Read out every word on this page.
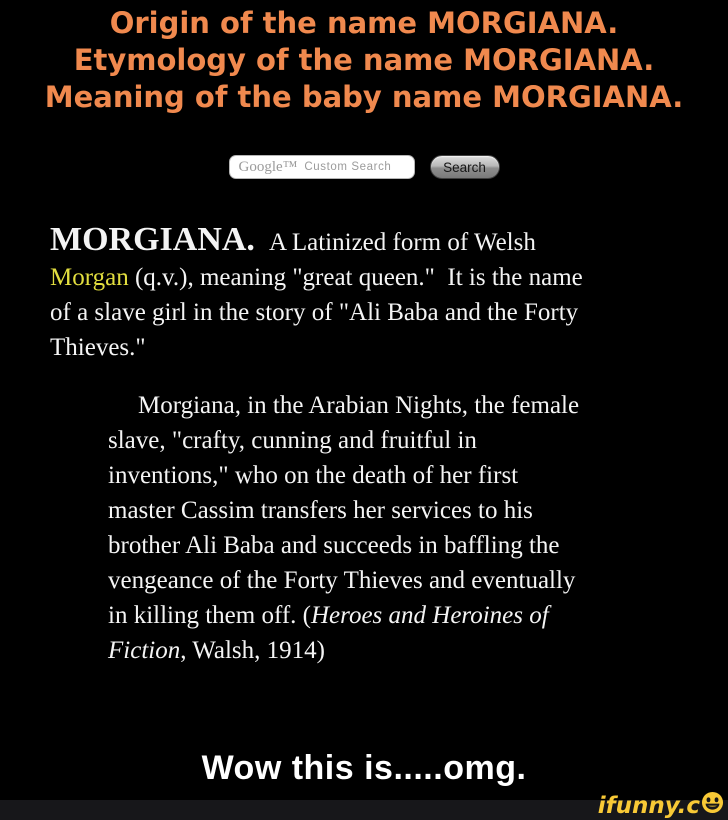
Origin of the name MORGIANA.
Etymology of the name MORGIANA.
Meaning of the baby name MORGIANA.
Google™ Custom Search	Search

MORGIANA. A Latinized form of Welsh
Morgan (q.v.), meaning "great queen."  It is the name
of a slave girl in the story of "Ali Baba and the Forty
Thieves."

Morgiana, in the Arabian Nights, the female
slave, "crafty, cunning and fruitful in
inventions," who on the death of her first
master Cassim transfers her services to his
brother Ali Baba and succeeds in baffling the
vengeance of the Forty Thieves and eventually
in killing them off. (Heroes and Heroines of
Fiction, Walsh, 1914)

Wow this is.....omg.
ifunny.c
